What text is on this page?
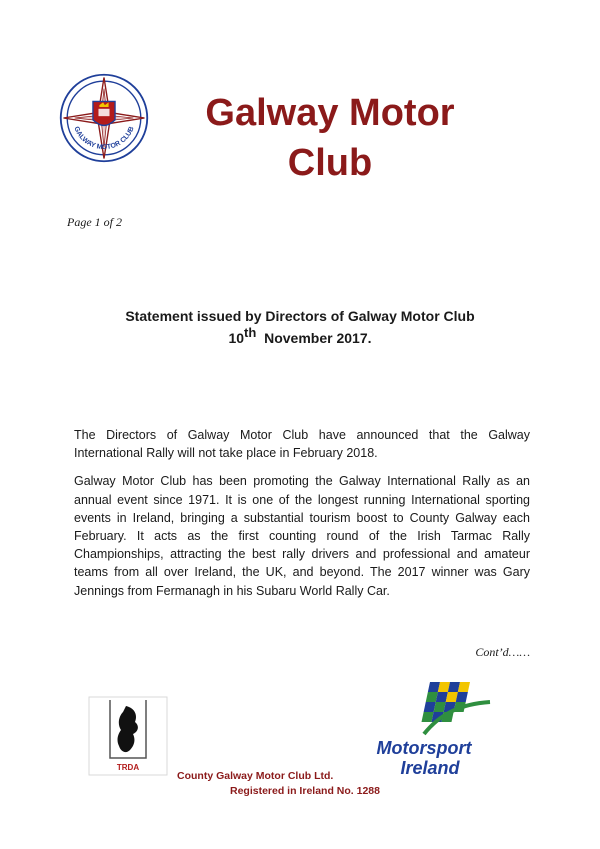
GALWAY MOTOR CLUB	Galway Motor
Club
Page 1 of 2
Statement issued by Directors of Galway Motor Club
10th November 2017.

The Directors of Galway Motor Club have announced that the Galway International Rally will not take place in February 2018.

Galway Motor Club has been promoting the Galway International Rally as an annual event since 1971. It is one of the longest running International sporting events in Ireland, bringing a substantial tourism boost to County Galway each February. It acts as the first counting round of the Irish Tarmac Rally Championships, attracting the best rally drivers and professional and amateur teams from all over Ireland, the UK, and beyond. The 2017 winner was Gary Jennings from Fermanagh in his Subaru World Rally Car.

Cont’d……
TRDA
Motorsport
Ireland
County Galway Motor Club Ltd.
Registered in Ireland No. 1288
